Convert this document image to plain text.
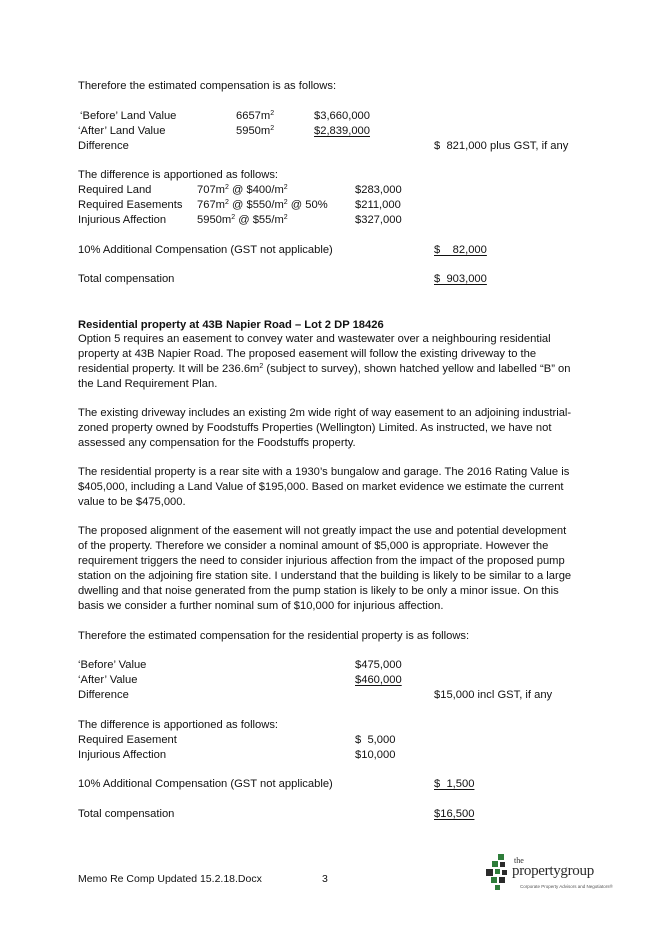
Therefore the estimated compensation is as follows:
‘Before’ Land Value	$6657m^2$	$3,660,000
‘After’ Land Value	$5950m^2$	$2,839,000
Difference	$  821,000 plus GST, if any
The difference is apportioned as follows:
Required Land	$707m^2$ @ $\$400/m^2$	$283,000
Required Easements $767m^2$ @ $\$550/m^2$ @ 50% $211,000
Injurious Affection	$5950m^2$ @ $\$55/m^2$	$327,000
10% Additional Compensation (GST not applicable)	$    82,000
Total compensation	$  903,000
Residential property at 43B Napier Road – Lot 2 DP 18426
Option 5 requires an easement to convey water and wastewater over a neighbouring residential property at 43B Napier Road. The proposed easement will follow the existing driveway to the residential property. It will be $236.6m^2$ (subject to survey), shown hatched yellow and labelled “B” on the Land Requirement Plan.
The existing driveway includes an existing 2m wide right of way easement to an adjoining industrial-zoned property owned by Foodstuffs Properties (Wellington) Limited. As instructed, we have not assessed any compensation for the Foodstuffs property.
The residential property is a rear site with a 1930’s bungalow and garage. The 2016 Rating Value is $405,000, including a Land Value of $195,000. Based on market evidence we estimate the current value to be $475,000.
The proposed alignment of the easement will not greatly impact the use and potential development of the property. Therefore we consider a nominal amount of $5,000 is appropriate. However the requirement triggers the need to consider injurious affection from the impact of the proposed pump station on the adjoining fire station site. I understand that the building is likely to be similar to a large dwelling and that noise generated from the pump station is likely to be only a minor issue. On this basis we consider a further nominal sum of $10,000 for injurious affection.
Therefore the estimated compensation for the residential property is as follows:
‘Before’ Value	$475,000
‘After’ Value	$460,000
Difference	$15,000 incl GST, if any
The difference is apportioned as follows:
Required Easement	$  5,000
Injurious Affection	$10,000
10% Additional Compensation (GST not applicable)	$  1,500
Total compensation	$16,500
Memo Re Comp Updated 15.2.18.Docx	3
the
propertygroup
Corporate Property Advisors and Negotiators®
